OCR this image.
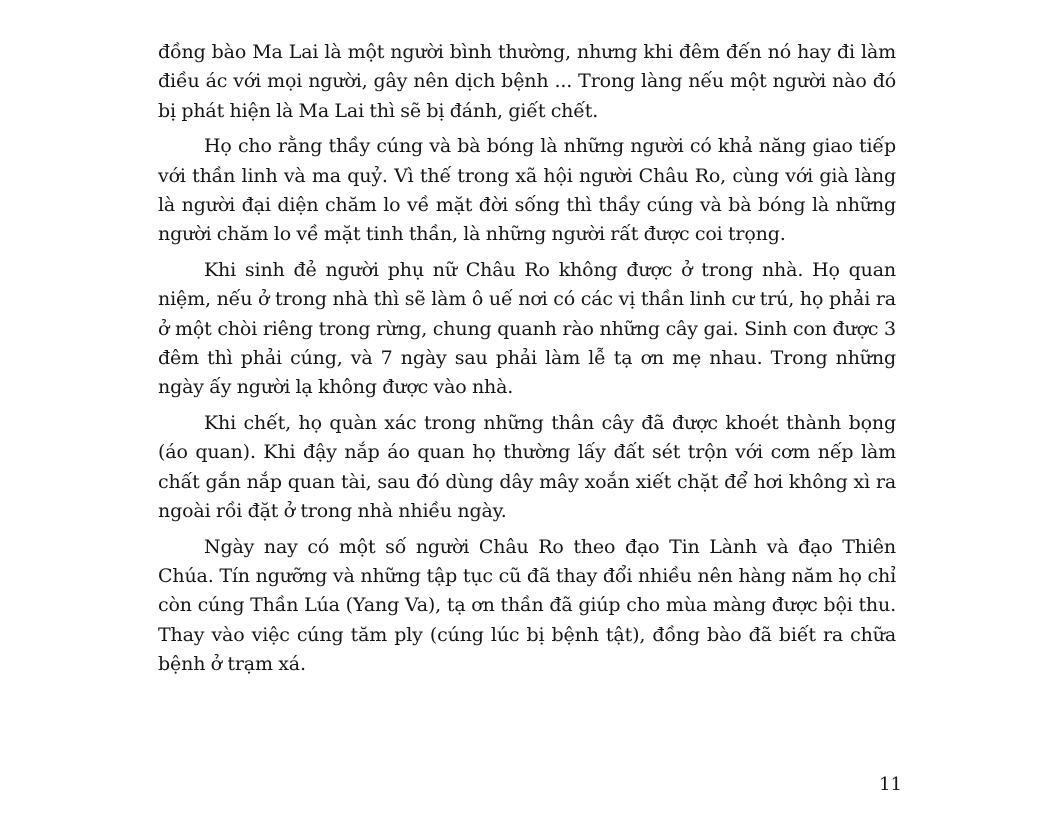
đồng bào Ma Lai là một người bình thường, nhưng khi đêm đến nó hay đi làm điều ác với mọi người, gây nên dịch bệnh ... Trong làng nếu một người nào đó bị phát hiện là Ma Lai thì sẽ bị đánh, giết chết.

Họ cho rằng thầy cúng và bà bóng là những người có khả năng giao tiếp với thần linh và ma quỷ. Vì thế trong xã hội người Châu Ro, cùng với già làng là người đại diện chăm lo về mặt đời sống thì thầy cúng và bà bóng là những người chăm lo về mặt tinh thần, là những người rất được coi trọng.

Khi sinh đẻ người phụ nữ Châu Ro không được ở trong nhà. Họ quan niệm, nếu ở trong nhà thì sẽ làm ô uế nơi có các vị thần linh cư trú, họ phải ra ở một chòi riêng trong rừng, chung quanh rào những cây gai. Sinh con được 3 đêm thì phải cúng, và 7 ngày sau phải làm lễ tạ ơn mẹ nhau. Trong những ngày ấy người lạ không được vào nhà.

Khi chết, họ quàn xác trong những thân cây đã được khoét thành bọng (áo quan). Khi đậy nắp áo quan họ thường lấy đất sét trộn với cơm nếp làm chất gắn nắp quan tài, sau đó dùng dây mây xoắn xiết chặt để hơi không xì ra ngoài rồi đặt ở trong nhà nhiều ngày.

Ngày nay có một số người Châu Ro theo đạo Tin Lành và đạo Thiên Chúa. Tín ngưỡng và những tập tục cũ đã thay đổi nhiều nên hàng năm họ chỉ còn cúng Thần Lúa (Yang Va), tạ ơn thần đã giúp cho mùa màng được bội thu. Thay vào việc cúng tăm ply (cúng lúc bị bệnh tật), đồng bào đã biết ra chữa bệnh ở trạm xá.

11
